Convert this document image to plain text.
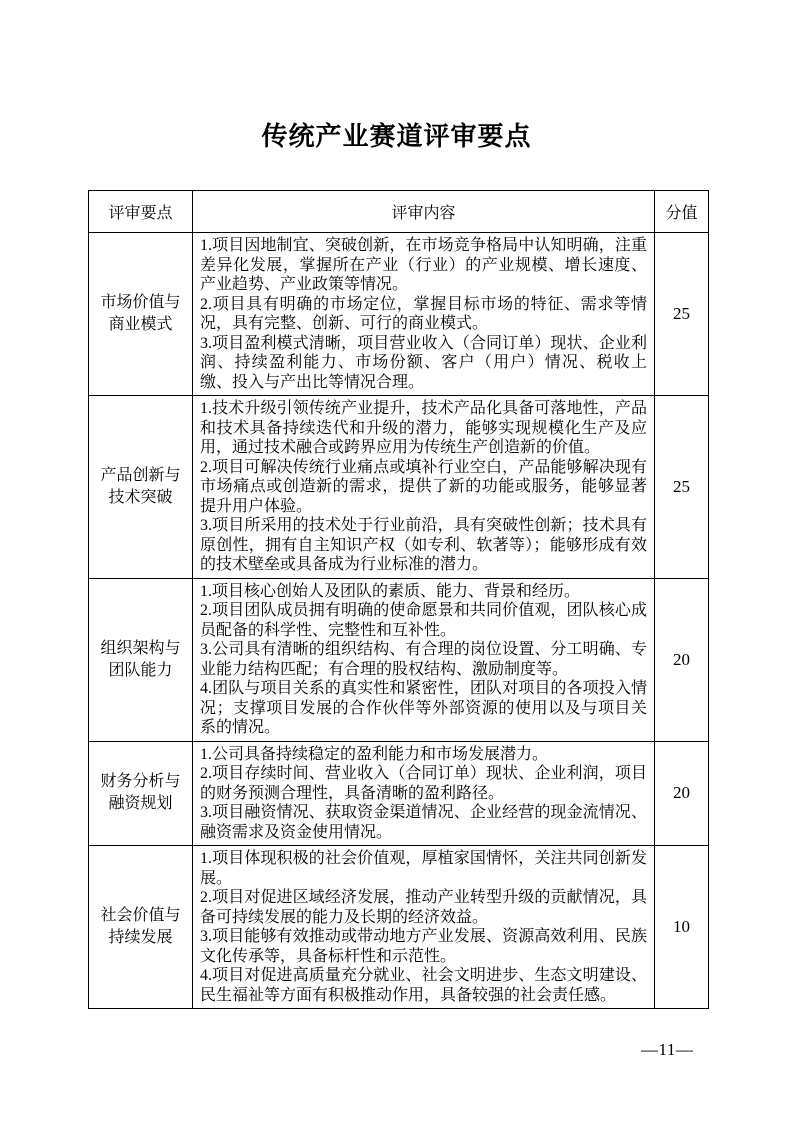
传统产业赛道评审要点
评审要点	评审内容	分值
市场价值与商业模式	1.项目因地制宜、突破创新，在市场竞争格局中认知明确，注重差异化发展，掌握所在产业（行业）的产业规模、增长速度、产业趋势、产业政策等情况。

2.项目具有明确的市场定位，掌握目标市场的特征、需求等情况，具有完整、创新、可行的商业模式。

3.项目盈利模式清晰，项目营业收入（合同订单）现状、企业利润、持续盈利能力、市场份额、客户（用户）情况、税收上缴、投入与产出比等情况合理。	25
产品创新与技术突破	1.技术升级引领传统产业提升，技术产品化具备可落地性，产品和技术具备持续迭代和升级的潜力，能够实现规模化生产及应用，通过技术融合或跨界应用为传统生产创造新的价值。

2.项目可解决传统行业痛点或填补行业空白，产品能够解决现有市场痛点或创造新的需求，提供了新的功能或服务，能够显著提升用户体验。

3.项目所采用的技术处于行业前沿，具有突破性创新；技术具有原创性，拥有自主知识产权（如专利、软著等）；能够形成有效的技术壁垒或具备成为行业标准的潜力。	25
组织架构与团队能力	1.项目核心创始人及团队的素质、能力、背景和经历。

2.项目团队成员拥有明确的使命愿景和共同价值观，团队核心成员配备的科学性、完整性和互补性。

3.公司具有清晰的组织结构、有合理的岗位设置、分工明确、专业能力结构匹配；有合理的股权结构、激励制度等。

4.团队与项目关系的真实性和紧密性，团队对项目的各项投入情况；支撑项目发展的合作伙伴等外部资源的使用以及与项目关系的情况。	20
财务分析与融资规划	1.公司具备持续稳定的盈利能力和市场发展潜力。

2.项目存续时间、营业收入（合同订单）现状、企业利润，项目的财务预测合理性，具备清晰的盈利路径。

3.项目融资情况、获取资金渠道情况、企业经营的现金流情况、融资需求及资金使用情况。	20
社会价值与持续发展	1.项目体现积极的社会价值观，厚植家国情怀，关注共同创新发展。

2.项目对促进区域经济发展，推动产业转型升级的贡献情况，具备可持续发展的能力及长期的经济效益。

3.项目能够有效推动或带动地方产业发展、资源高效利用、民族文化传承等，具备标杆性和示范性。

4.项目对促进高质量充分就业、社会文明进步、生态文明建设、民生福祉等方面有积极推动作用，具备较强的社会责任感。	10
—11—
